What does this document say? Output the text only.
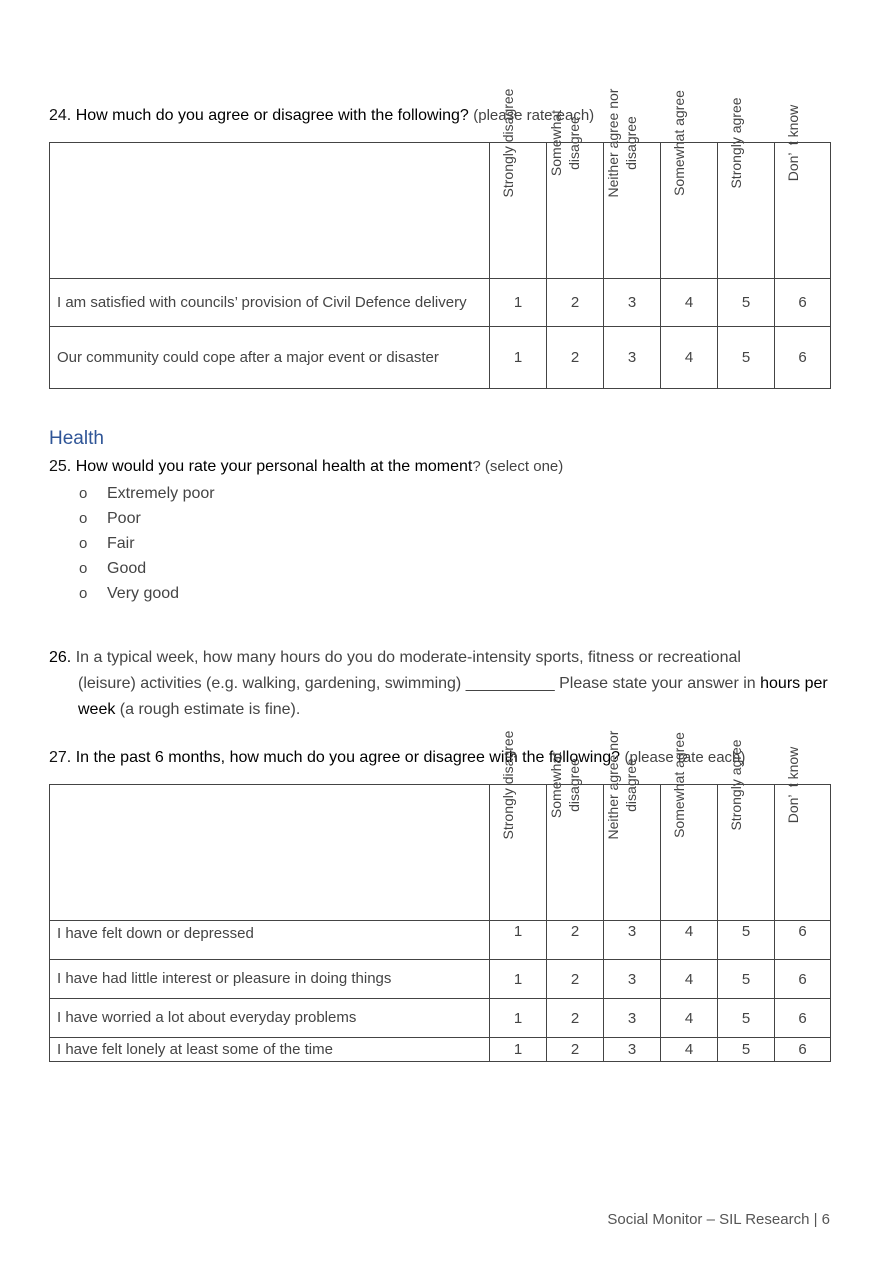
24. How much do you agree or disagree with the following? (please rate each)

	Strongly disagree	Somewhat disagree	Neither agree nor disagree	Somewhat agree	Strongly agree	Don’  t know

I am satisfied with councils’ provision of Civil Defence delivery	1	2	3	4	5	6
Our community could cope after a major event or disaster	1	2	3	4	5	6
Health
25. How would you rate your personal health at the moment? (select one)
o	Extremely poor
o	Poor
o	Fair
o	Good
o	Very good
26. In a typical week, how many hours do you do moderate-intensity sports, fitness or recreational
(leisure) activities (e.g. walking, gardening, swimming) __________ Please state your answer in hours per
week (a rough estimate is fine).
27. In the past 6 months, how much do you agree or disagree with the following? (please rate each)

	Strongly disagree	Somewhat disagree	Neither agree nor disagree	Somewhat agree	Strongly agree	Don’  t know

I have felt down or depressed	1	2	3	4	5	6
I have had little interest or pleasure in doing things	1	2	3	4	5	6
I have worried a lot about everyday problems	1	2	3	4	5	6
I have felt lonely at least some of the time	1	2	3	4	5	6
Social Monitor – SIL Research | 6
